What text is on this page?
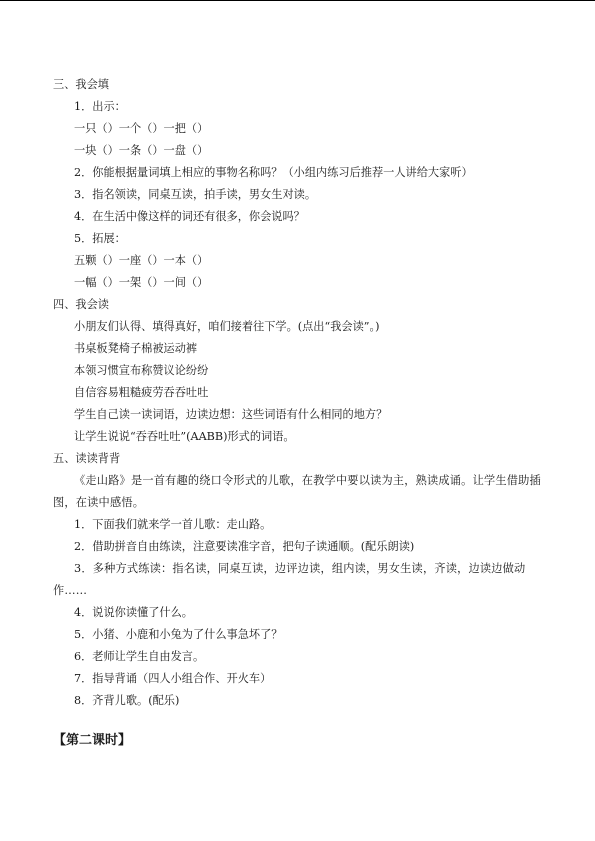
三、我会填
1．出示：
一只（）一个（）一把（）
一块（）一条（）一盘（）
2．你能根据量词填上相应的事物名称吗？（小组内练习后推荐一人讲给大家听）
3．指名领读，同桌互读，拍手读，男女生对读。
4．在生活中像这样的词还有很多，你会说吗？
5．拓展：
五颗（）一座（）一本（）
一幅（）一架（）一间（）
四、我会读
小朋友们认得、填得真好，咱们接着往下学。(点出“我会读”。)
书桌板凳椅子棉被运动裤
本领习惯宣布称赞议论纷纷
自信容易粗糙疲劳吞吞吐吐
学生自己读一读词语，边读边想：这些词语有什么相同的地方？
让学生说说“吞吞吐吐”(AABB)形式的词语。
五、读读背背
《走山路》是一首有趣的绕口令形式的儿歌，在教学中要以读为主，熟读成诵。让学生借助插图，在读中感悟。
1．下面我们就来学一首儿歌：走山路。
2．借助拼音自由练读，注意要读准字音，把句子读通顺。(配乐朗读)
3．多种方式练读：指名读，同桌互读，边评边读，组内读，男女生读，齐读，边读边做动作……
4．说说你读懂了什么。
5．小猪、小鹿和小兔为了什么事急坏了？
6．老师让学生自由发言。
7．指导背诵（四人小组合作、开火车）
8．齐背儿歌。(配乐)
【第二课时】
